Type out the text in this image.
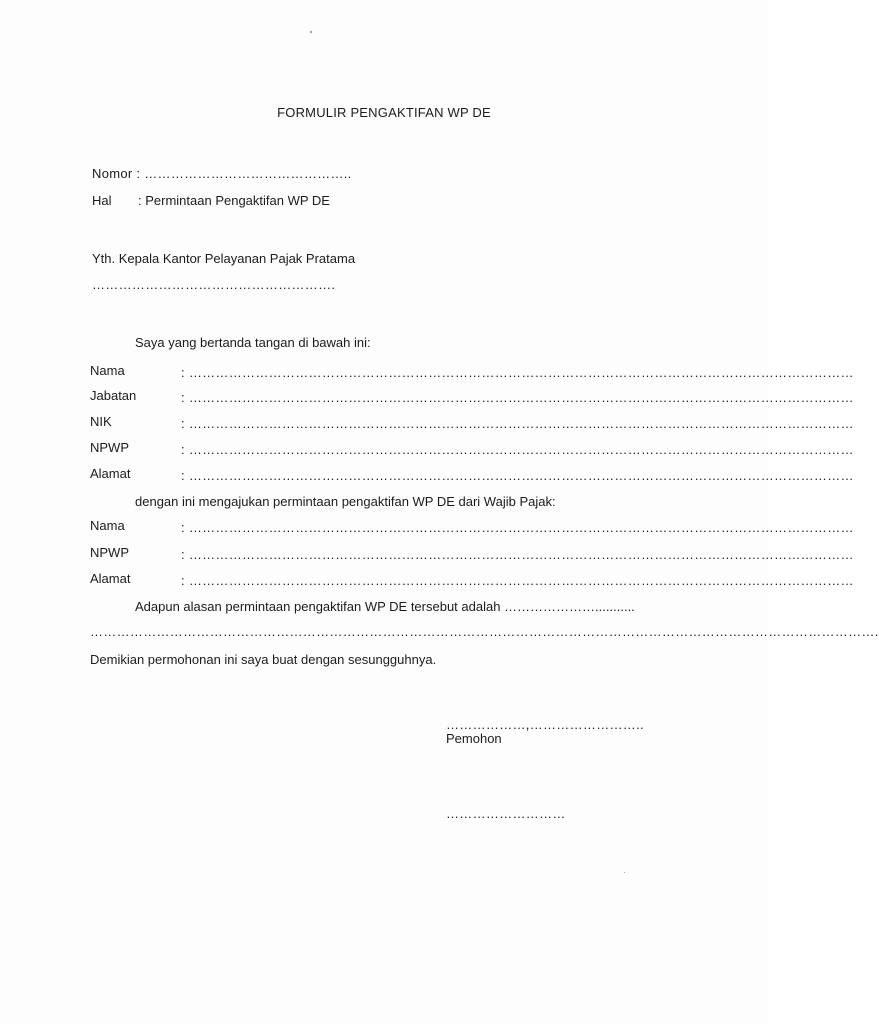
FORMULIR PENGAKTIFAN WP DE
Nomor : ………………………………………..
Hal : Permintaan Pengaktifan WP DE
Yth. Kepala Kantor Pelayanan Pajak Pratama
……………………………………………….
Saya yang bertanda tangan di bawah ini:
Nama	: ……………………………………………………………………………………………………………………………………
Jabatan	: ……………………………………………………………………………………………………………………………………
NIK	: ……………………………………………………………………………………………………………………………………
NPWP	: ……………………………………………………………………………………………………………………………………
Alamat	: ……………………………………………………………………………………………………………………………………
dengan ini mengajukan permintaan pengaktifan WP DE dari Wajib Pajak:
Nama	: ……………………………………………………………………………………………………………………………………
NPWP	: ……………………………………………………………………………………………………………………………………
Alamat	: ……………………………………………………………………………………………………………………………………
Adapun alasan permintaan pengaktifan WP DE tersebut adalah …………………...........
…………………………………………………………………………………………………………………………………………………………….
Demikian permohonan ini saya buat dengan sesungguhnya.
………………,……………………..
Pemohon
………………………
